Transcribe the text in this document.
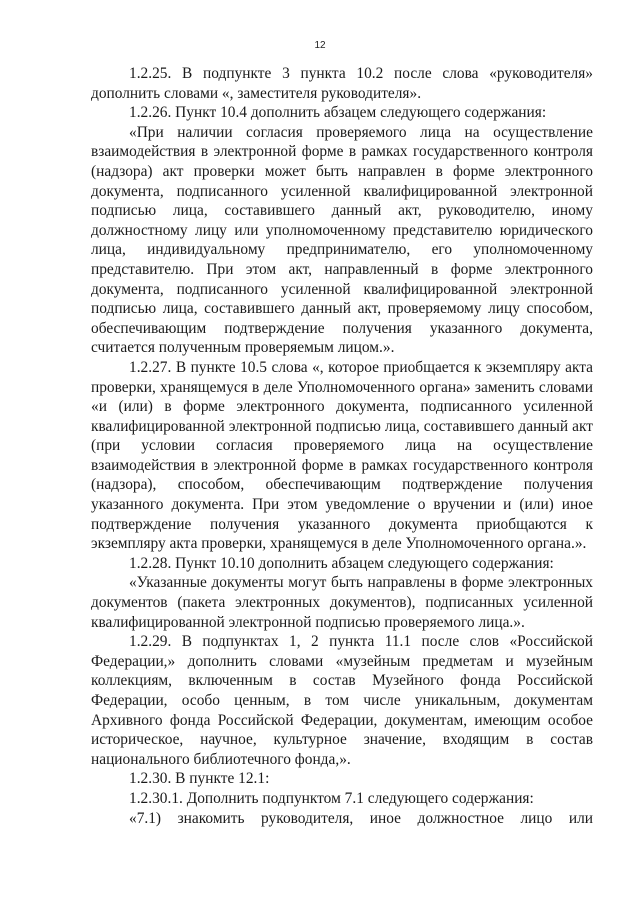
12

1.2.25. В подпункте 3 пункта 10.2 после слова «руководителя» дополнить словами «, заместителя руководителя».

1.2.26. Пункт 10.4 дополнить абзацем следующего содержания:

«При наличии согласия проверяемого лица на осуществление взаимодействия в электронной форме в рамках государственного контроля (надзора) акт проверки может быть направлен в форме электронного документа, подписанного усиленной квалифицированной электронной подписью лица, составившего данный акт, руководителю, иному должностному лицу или уполномоченному представителю юридического лица, индивидуальному предпринимателю, его уполномоченному представителю. При этом акт, направленный в форме электронного документа, подписанного усиленной квалифицированной электронной подписью лица, составившего данный акт, проверяемому лицу способом, обеспечивающим подтверждение получения указанного документа, считается полученным проверяемым лицом.».

1.2.27. В пункте 10.5 слова «, которое приобщается к экземпляру акта проверки, хранящемуся в деле Уполномоченного органа» заменить словами «и (или) в форме электронного документа, подписанного усиленной квалифицированной электронной подписью лица, составившего данный акт (при условии согласия проверяемого лица на осуществление взаимодействия в электронной форме в рамках государственного контроля (надзора), способом, обеспечивающим подтверждение получения указанного документа. При этом уведомление о вручении и (или) иное подтверждение получения указанного документа приобщаются к экземпляру акта проверки, хранящемуся в деле Уполномоченного органа.».

1.2.28. Пункт 10.10 дополнить абзацем следующего содержания:

«Указанные документы могут быть направлены в форме электронных документов (пакета электронных документов), подписанных усиленной квалифицированной электронной подписью проверяемого лица.».

1.2.29. В подпунктах 1, 2 пункта 11.1 после слов «Российской Федерации,» дополнить словами «музейным предметам и музейным коллекциям, включенным в состав Музейного фонда Российской Федерации, особо ценным, в том числе уникальным, документам Архивного фонда Российской Федерации, документам, имеющим особое историческое, научное, культурное значение, входящим в состав национального библиотечного фонда,».

1.2.30. В пункте 12.1:

1.2.30.1. Дополнить подпунктом 7.1 следующего содержания:

«7.1) знакомить руководителя, иное должностное лицо или
